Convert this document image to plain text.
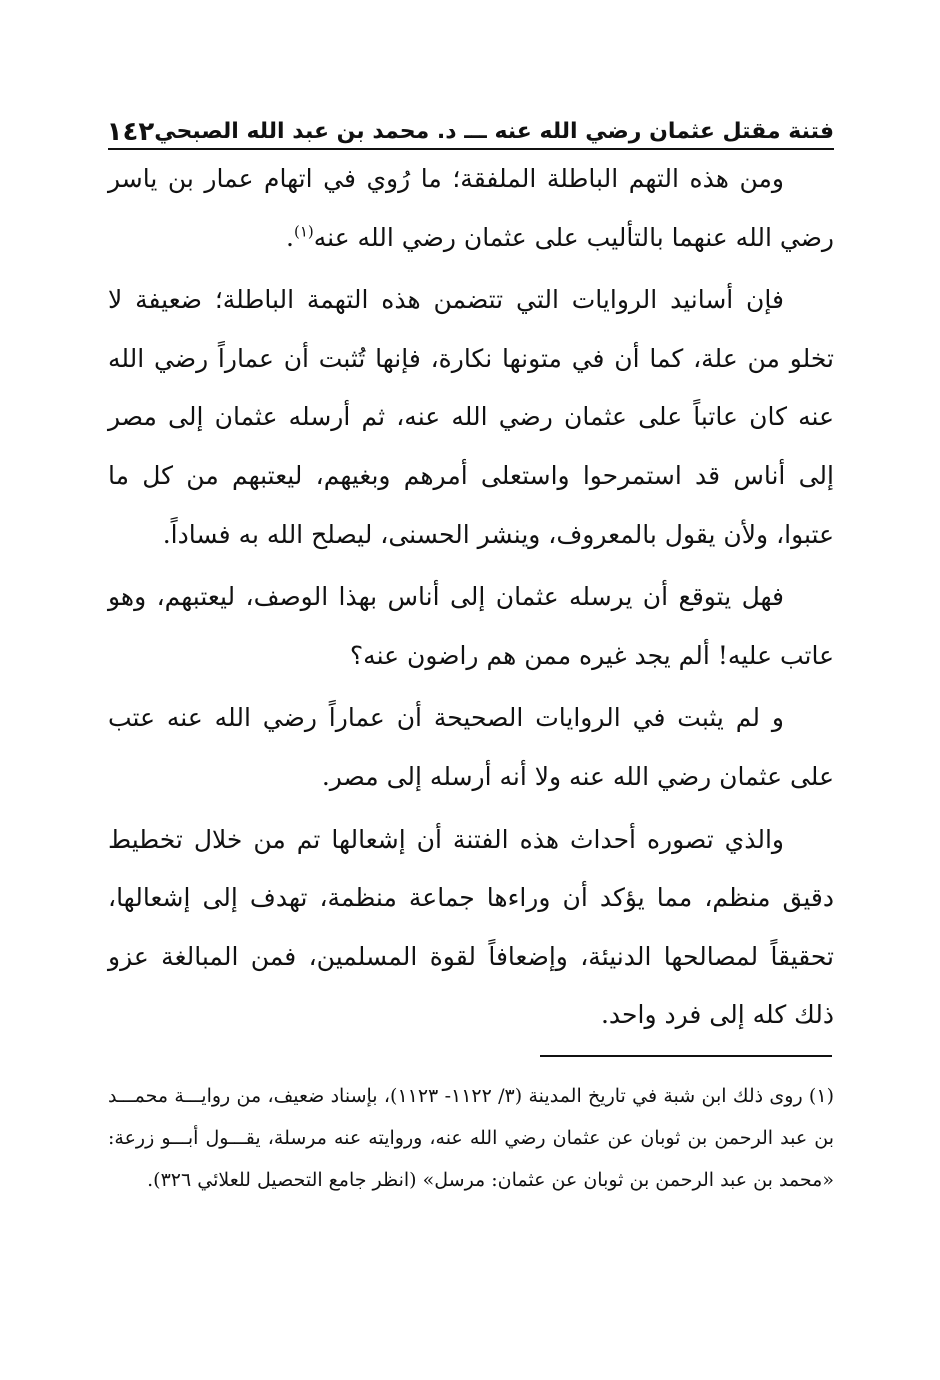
فتنة مقتل عثمان رضي الله عنه ـــ د. محمد بن عبد الله الصبحي
١٤٢

ومن هذه التهم الباطلة الملفقة؛ ما رُوي في اتهام عمار بن ياسر رضي الله عنهما بالتأليب على عثمان رضي الله عنه$^{(١)}$.

فإن أسانيد الروايات التي تتضمن هذه التهمة الباطلة؛ ضعيفة لا تخلو من علة، كما أن في متونها نكارة، فإنها تُثبت أن عماراً رضي الله عنه كان عاتباً على عثمان رضي الله عنه، ثم أرسله عثمان إلى مصر إلى أناس قد استمرحوا واستعلى أمرهم وبغيهم، ليعتبهم من كل ما عتبوا، ولأن يقول بالمعروف، وينشر الحسنى، ليصلح الله به فساداً.

فهل يتوقع أن يرسله عثمان إلى أناس بهذا الوصف، ليعتبهم، وهو عاتب عليه! ألم يجد غيره ممن هم راضون عنه؟

و لم يثبت في الروايات الصحيحة أن عماراً رضي الله عنه عتب على عثمان رضي الله عنه ولا أنه أرسله إلى مصر.

والذي تصوره أحداث هذه الفتنة أن إشعالها تم من خلال تخطيط دقيق منظم، مما يؤكد أن وراءها جماعة منظمة، تهدف إلى إشعالها، تحقيقاً لمصالحها الدنيئة، وإضعافاً لقوة المسلمين، فمن المبالغة عزو ذلك كله إلى فرد واحد.

(١) روى ذلك ابن شبة في تاريخ المدينة (٣/ ١١٢٢- ١١٢٣)، بإسناد ضعيف، من روايـــة محمـــد بن عبد الرحمن بن ثوبان عن عثمان رضي الله عنه، وروايته عنه مرسلة، يقـــول أبـــو زرعة: «محمد بن عبد الرحمن بن ثوبان عن عثمان: مرسل» (انظر جامع التحصيل للعلائي ٣٢٦).
